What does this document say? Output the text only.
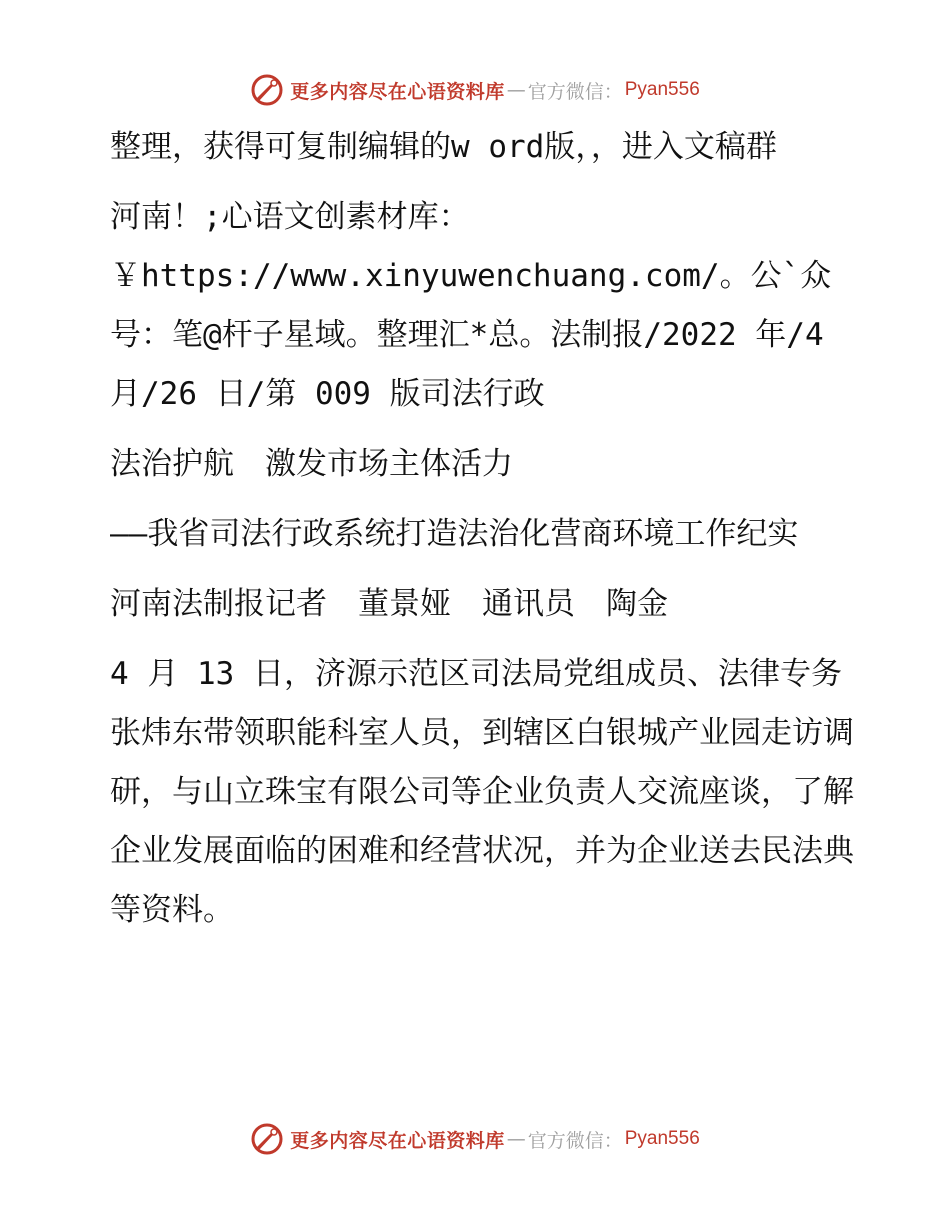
更多内容尽在心语资料库 — 官方微信： Pyan556

整理，获得可复制编辑的w ord版，，进入文稿群

河南！;心语文创素材库： ￥https://www.xinyuwenchuang.com/。公`众号：笔@杆子星域。整理汇*总。法制报/2022 年/4 月/26 日/第 009 版司法行政

法治护航　激发市场主体活力

——我省司法行政系统打造法治化营商环境工作纪实

河南法制报记者　董景娅　通讯员　陶金

4 月 13 日，济源示范区司法局党组成员、法律专务张炜东带领职能科室人员，到辖区白银城产业园走访调研，与山立珠宝有限公司等企业负责人交流座谈，了解企业发展面临的困难和经营状况，并为企业送去民法典等资料。

更多内容尽在心语资料库 — 官方微信： Pyan556
